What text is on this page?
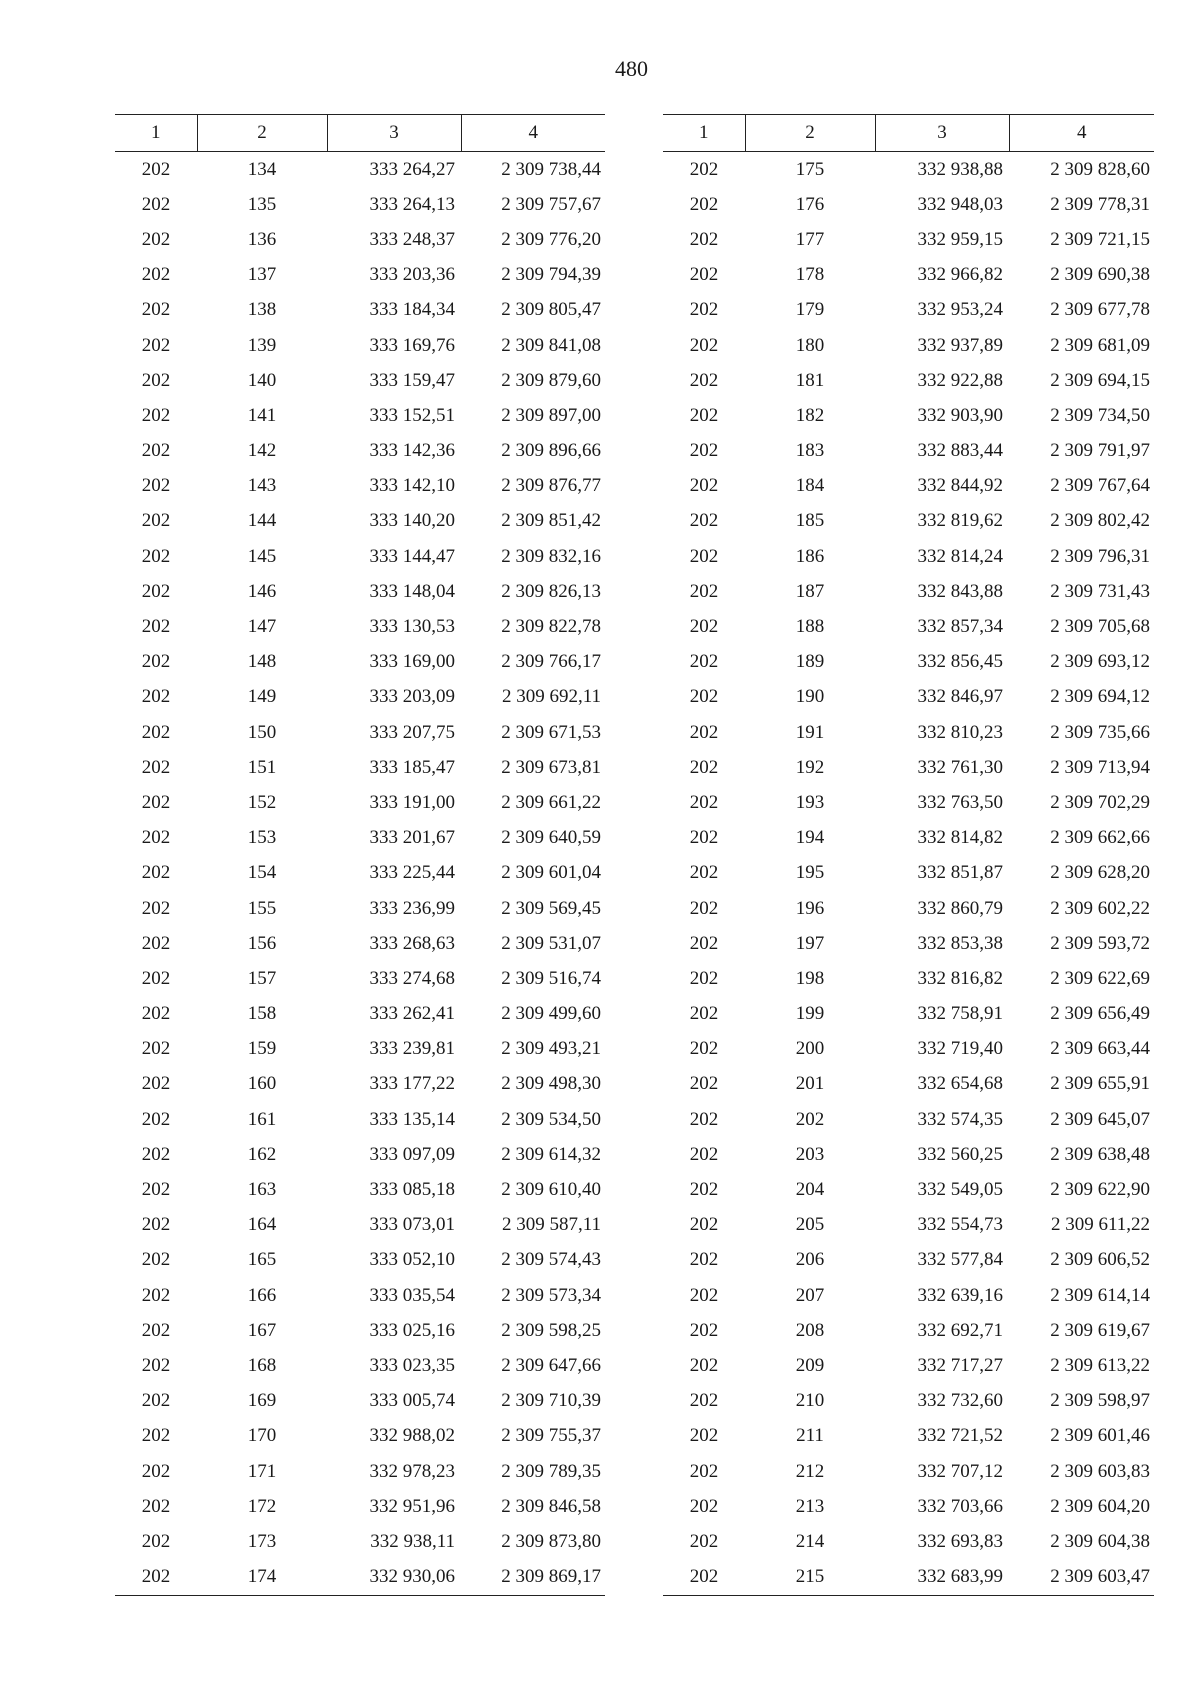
480
1	2	3	4
202	134	333 264,27	2 309 738,44
202	135	333 264,13	2 309 757,67
202	136	333 248,37	2 309 776,20
202	137	333 203,36	2 309 794,39
202	138	333 184,34	2 309 805,47
202	139	333 169,76	2 309 841,08
202	140	333 159,47	2 309 879,60
202	141	333 152,51	2 309 897,00
202	142	333 142,36	2 309 896,66
202	143	333 142,10	2 309 876,77
202	144	333 140,20	2 309 851,42
202	145	333 144,47	2 309 832,16
202	146	333 148,04	2 309 826,13
202	147	333 130,53	2 309 822,78
202	148	333 169,00	2 309 766,17
202	149	333 203,09	2 309 692,11
202	150	333 207,75	2 309 671,53
202	151	333 185,47	2 309 673,81
202	152	333 191,00	2 309 661,22
202	153	333 201,67	2 309 640,59
202	154	333 225,44	2 309 601,04
202	155	333 236,99	2 309 569,45
202	156	333 268,63	2 309 531,07
202	157	333 274,68	2 309 516,74
202	158	333 262,41	2 309 499,60
202	159	333 239,81	2 309 493,21
202	160	333 177,22	2 309 498,30
202	161	333 135,14	2 309 534,50
202	162	333 097,09	2 309 614,32
202	163	333 085,18	2 309 610,40
202	164	333 073,01	2 309 587,11
202	165	333 052,10	2 309 574,43
202	166	333 035,54	2 309 573,34
202	167	333 025,16	2 309 598,25
202	168	333 023,35	2 309 647,66
202	169	333 005,74	2 309 710,39
202	170	332 988,02	2 309 755,37
202	171	332 978,23	2 309 789,35
202	172	332 951,96	2 309 846,58
202	173	332 938,11	2 309 873,80
202	174	332 930,06	2 309 869,17
1	2	3	4
202	175	332 938,88	2 309 828,60
202	176	332 948,03	2 309 778,31
202	177	332 959,15	2 309 721,15
202	178	332 966,82	2 309 690,38
202	179	332 953,24	2 309 677,78
202	180	332 937,89	2 309 681,09
202	181	332 922,88	2 309 694,15
202	182	332 903,90	2 309 734,50
202	183	332 883,44	2 309 791,97
202	184	332 844,92	2 309 767,64
202	185	332 819,62	2 309 802,42
202	186	332 814,24	2 309 796,31
202	187	332 843,88	2 309 731,43
202	188	332 857,34	2 309 705,68
202	189	332 856,45	2 309 693,12
202	190	332 846,97	2 309 694,12
202	191	332 810,23	2 309 735,66
202	192	332 761,30	2 309 713,94
202	193	332 763,50	2 309 702,29
202	194	332 814,82	2 309 662,66
202	195	332 851,87	2 309 628,20
202	196	332 860,79	2 309 602,22
202	197	332 853,38	2 309 593,72
202	198	332 816,82	2 309 622,69
202	199	332 758,91	2 309 656,49
202	200	332 719,40	2 309 663,44
202	201	332 654,68	2 309 655,91
202	202	332 574,35	2 309 645,07
202	203	332 560,25	2 309 638,48
202	204	332 549,05	2 309 622,90
202	205	332 554,73	2 309 611,22
202	206	332 577,84	2 309 606,52
202	207	332 639,16	2 309 614,14
202	208	332 692,71	2 309 619,67
202	209	332 717,27	2 309 613,22
202	210	332 732,60	2 309 598,97
202	211	332 721,52	2 309 601,46
202	212	332 707,12	2 309 603,83
202	213	332 703,66	2 309 604,20
202	214	332 693,83	2 309 604,38
202	215	332 683,99	2 309 603,47
